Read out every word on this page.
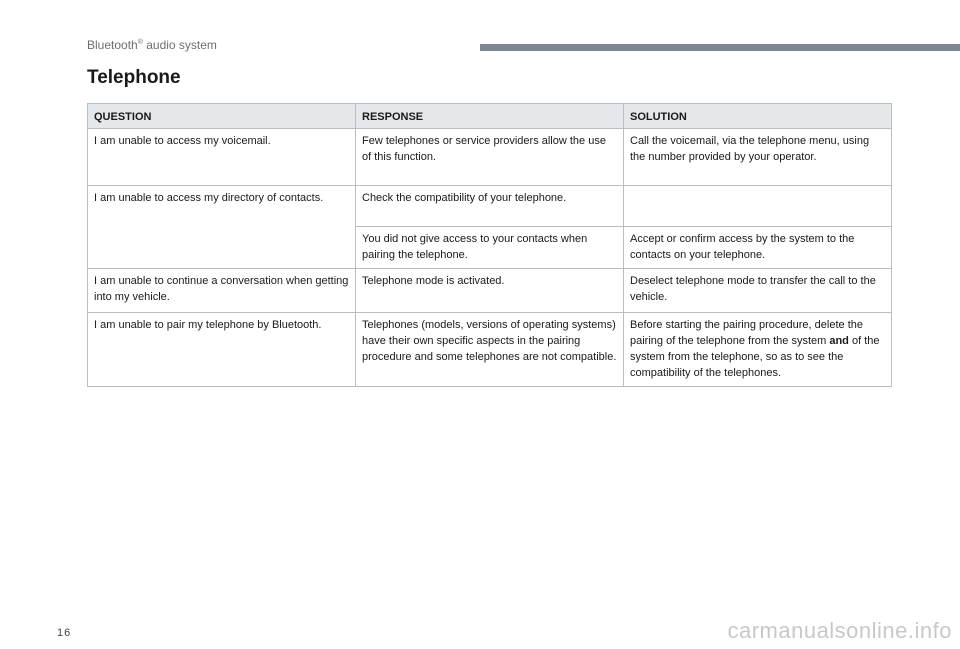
Bluetooth® audio system
Telephone
QUESTION	RESPONSE	SOLUTION
I am unable to access my voicemail.	Few telephones or service providers allow the use of this function.	Call the voicemail, via the telephone menu, using the number provided by your operator.
I am unable to access my directory of contacts.	Check the compatibility of your telephone.	
	You did not give access to your contacts when pairing the telephone.	Accept or confirm access by the system to the contacts on your telephone.
I am unable to continue a conversation when getting into my vehicle.	Telephone mode is activated.	Deselect telephone mode to transfer the call to the vehicle.
I am unable to pair my telephone by Bluetooth.	Telephones (models, versions of operating systems) have their own specific aspects in the pairing procedure and some telephones are not compatible.	Before starting the pairing procedure, delete the pairing of the telephone from the system and of the system from the telephone, so as to see the compatibility of the telephones.
16	carmanualsonline.info
